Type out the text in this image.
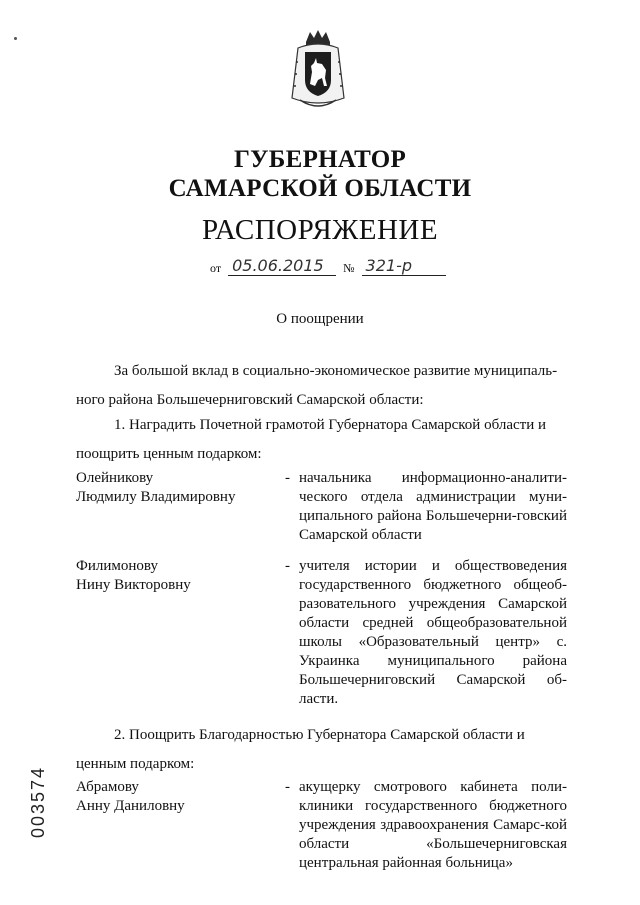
ГУБЕРНАТОР
САМАРСКОЙ ОБЛАСТИ
РАСПОРЯЖЕНИЕ
от 05.06.2015 № 321-р
О поощрении
За большой вклад в социально-экономическое развитие муниципаль-
ного района Большечерниговский Самарской области:
1. Наградить Почетной грамотой Губернатора Самарской области и
поощрить ценным подарком:
Олейникову
Людмилу Владимировну
- начальника информационно-аналити-ческого отдела администрации муни-ципального района Большечерни-говский Самарской области
Филимонову
Нину Викторовну
- учителя истории и обществоведения государственного бюджетного общеоб-разовательного учреждения Самарской области средней общеобразовательной школы «Образовательный центр» с. Украинка муниципального района Большечерниговский Самарской об-ласти.
2. Поощрить Благодарностью Губернатора Самарской области и
ценным подарком:
Абрамову
Анну Даниловну
- акущерку смотрового кабинета поли-клиники государственного бюджетного учреждения здравоохранения Самарс-кой области «Большечерниговская центральная районная больница»
003574
